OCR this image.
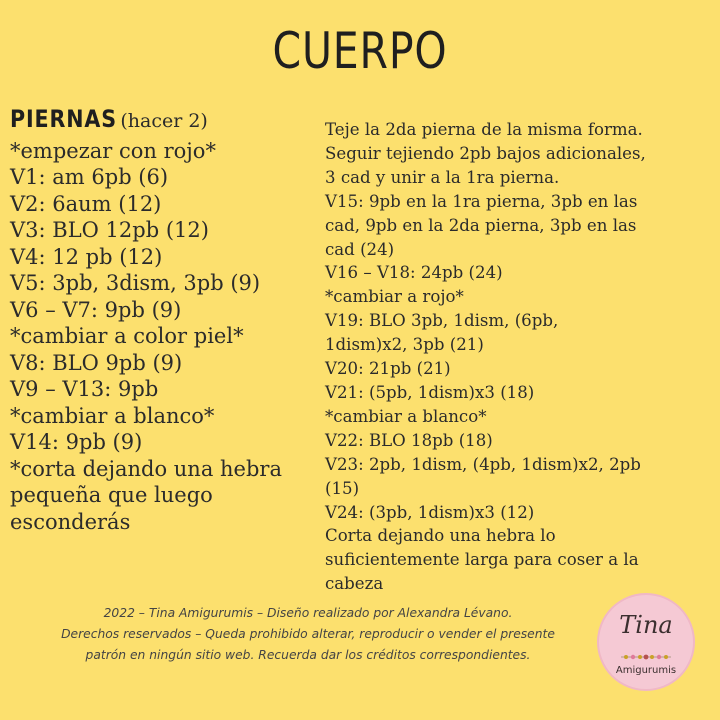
CUERPO
PIERNAS (hacer 2)
*empezar con rojo*
V1: am 6pb (6)
V2: 6aum (12)
V3: BLO 12pb (12)
V4: 12 pb (12)
V5: 3pb, 3dism, 3pb (9)
V6 – V7: 9pb (9)
*cambiar a color piel*
V8: BLO 9pb (9)
V9 – V13: 9pb
*cambiar a blanco*
V14: 9pb (9)
*corta dejando una hebra
pequeña que luego
esconderás
Teje la 2da pierna de la misma forma.
Seguir tejiendo 2pb bajos adicionales,
3 cad y unir a la 1ra pierna.
V15: 9pb en la 1ra pierna, 3pb en las
cad, 9pb en la 2da pierna, 3pb en las
cad (24)
V16 – V18: 24pb (24)
*cambiar a rojo*
V19: BLO 3pb, 1dism, (6pb,
1dism)x2, 3pb (21)
V20: 21pb (21)
V21: (5pb, 1dism)x3 (18)
*cambiar a blanco*
V22: BLO 18pb (18)
V23: 2pb, 1dism, (4pb, 1dism)x2, 2pb
(15)
V24: (3pb, 1dism)x3 (12)
Corta dejando una hebra lo
suficientemente larga para coser a la
cabeza
2022 – Tina Amigurumis – Diseño realizado por Alexandra Lévano.
Derechos reservados – Queda prohibido alterar, reproducir o vender el presente
patrón en ningún sitio web. Recuerda dar los créditos correspondientes.
Tina
Amigurumis
